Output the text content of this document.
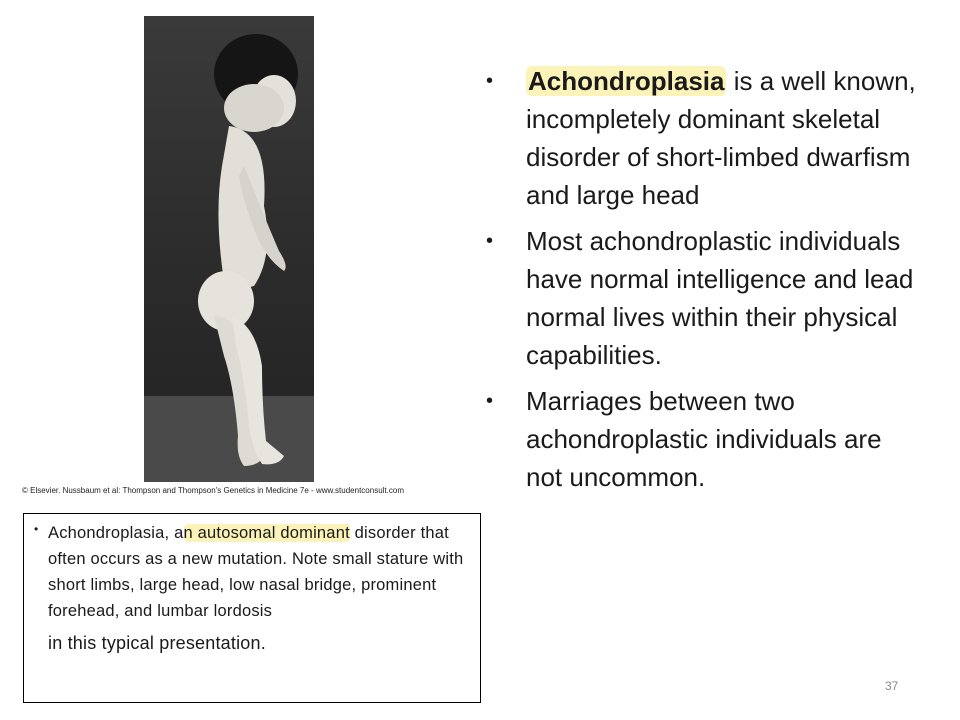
© Elsevier. Nussbaum et al: Thompson and Thompson's Genetics in Medicine 7e - www.studentconsult.com
• Achondroplasia is a well known, incompletely dominant skeletal disorder of short-limbed dwarfism and large head
• Most achondroplastic individuals have normal intelligence and lead normal lives within their physical capabilities.
• Marriages between two achondroplastic individuals are not uncommon.
• Achondroplasia, an autosomal dominant disorder that often occurs as a new mutation. Note small stature with short limbs, large head, low nasal bridge, prominent forehead, and lumbar lordosis
in this typical presentation.

37
